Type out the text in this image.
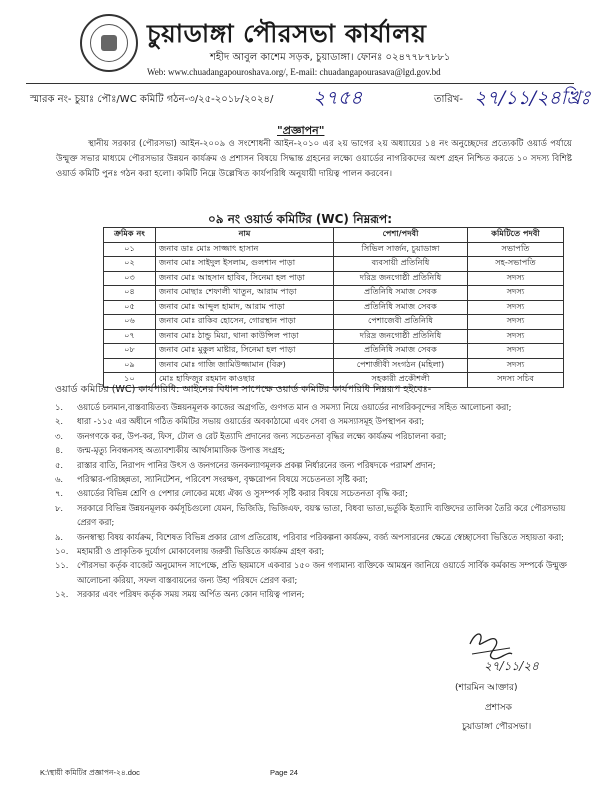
চুয়াডাঙ্গা পৌরসভা কার্যালয়
শহীদ আবুল কাশেম সড়ক, চুয়াডাঙ্গা। ফোনঃ ০২৪৭৭৮৭৮৮১
Web: www.chuadangapouroshava.org/, E-mail: chuadangapourasava@lgd.gov.bd
স্মারক নং- চুয়াঃ পৌঃ/WC কমিটি গঠন-৩/২৫-২০১৮/২০২৪/ ২৭৫৪	তারিখ- ২৭/১১/২৪খ্রিঃ
"প্রজ্ঞাপন"
স্থানীয় সরকার (পৌরসভা) আইন-২০০৯ ও সংশোধনী আইন-২০১০ এর ২য় ভাগের ২য় অধ্যায়ের ১৪ নং অনুচ্ছেদের প্রত্যেকটি ওয়ার্ড পর্যায়ে উন্মুক্ত সভার মাধ্যমে পৌরসভার উন্নয়ন কার্যক্রম ও প্রশাসন বিষয়ে সিদ্ধান্ত গ্রহনের লক্ষ্যে ওয়ার্ডের নাগরিকদের অংশ গ্রহন নিশ্চিত করতে ১০ সদস্য বিশিষ্ট ওয়ার্ড কমিটি পুনঃ গঠন করা হলো। কমিটি নিম্নে উল্লেখিত কার্যপরিধি অনুযায়ী দায়িত্ব পালন করবেন।
০৯ নং ওয়ার্ড কমিটির (WC) নিম্নরূপ:
ক্রমিক নং	নাম	পেশা/পদবী	কমিটিতে পদবী
০১	জনাব ডাঃ মোঃ সাজ্জাৎ হাসান	সিভিল সার্জন, চুয়াডাঙ্গা	সভাপতি
০২	জনাব মোঃ সাইদুল ইসলাম, গুলশান পাড়া	ব্যবসায়ী প্রতিনিধি	সহ-সভাপতি
০৩	জনাব মোঃ আহসান হাবিব, সিনেমা হল পাড়া	দরিদ্র জনগোষ্ঠী প্রতিনিধি	সদস্য
০৪	জনাব মোছাঃ শেফালী খাতুন, আরাম পাড়া	প্রতিনিধি সমাজ সেবক	সদস্য
০৫	জনাব মোঃ আব্দুল হামাদ, আরাম পাড়া	প্রতিনিধি সমাজ সেবক	সদস্য
০৬	জনাব মোঃ রাকিব হোসেন, গোরস্থান পাড়া	পেশাজেবী প্রতিনিধি	সদস্য
০৭	জনাব মোঃ ঠান্ডু মিয়া, থানা কাউন্সিল পাড়া	দরিদ্র জনগোষ্ঠী প্রতিনিধি	সদস্য
০৮	জনাব মোঃ মুকুল মাষ্টার, সিনেমা হল পাড়া	প্রতিনিধি সমাজ সেবক	সদস্য
০৯	জনাব মোঃ গাজি জামিউজ্জামান (বিরু)	পেশাজীবী সংগঠন (মহিলা)	সদস্য
১০	মোঃ হাফিজুর রহমান কাওছার	সহকারী প্রকৌশলী	সদস্য সচিব
ওয়ার্ড কমিটির (WC) কার্যপরিধি: আইনের বিধান সাপেক্ষে ওয়ার্ড কমিটির কার্যপরিধি নিম্নরূপ হইবেঃ-
১. ওয়ার্ডে চলমান,বাস্তবায়িতব্য উন্নয়নমূলক কাজের অগ্রগতি, গুণগত মান ও সমস্যা নিয়ে ওয়ার্ডের নাগরিকবৃন্দের সহিত আলোচনা করা;
২. ধারা -১১৫ এর অধীনে গঠিত কমিটির সভায় ওয়ার্ডের অবকাঠামো এবং সেবা ও সমস্যাসমূহ উপস্থাপন করা;
৩. জনগণকে কর, উপ-কর, ফিস, টোল ও রেট ইত্যাদি প্রদানের জন্য সচেতনতা বৃদ্ধির লক্ষ্যে কার্যক্রম পরিচালনা করা;
৪. জন্ম-মৃত্যু নিবন্ধনসহ অত্যাবশ্যকীয় আর্থসামাজিক উপাত্ত সংগ্রহ;
৫. রাস্তার বাতি, নিরাপদ পানির উৎস ও জনগনের জনকল্যাণমূলক প্রকল্প নির্ধারনের জন্য পরিষদকে পরামর্শ প্রদান;
৬. পরিস্কার-পরিচ্ছন্নতা, স্যানিটেশন, পরিবেশ সংরক্ষণ, বৃক্ষরোপন বিষয়ে সচেতনতা সৃষ্টি করা;
৭. ওয়ার্ডের বিভিন্ন শ্রেণি ও পেশার লোকের মধ্যে ঐক্য ও সুসম্পর্ক সৃষ্টি করার বিষয়ে সচেতনতা বৃদ্ধি করা;
৮. সরকারে বিভিন্ন উন্নয়নমূলক কর্মসূচিগুলো যেমন, ভিজিডি, ভিজিএফ, বয়স্ক ভাতা, বিধবা ভাতা,ভর্তুকি ইত্যাদি ব্যক্তিদের তালিকা তৈরি করে পৌরসভায় প্রেরণ করা;
৯. জনস্বাস্থ্য বিষয় কার্যক্রম, বিশেষত বিভিন্ন প্রকার রোগ প্রতিরোধ, পরিবার পরিকল্পনা কার্যক্রম, বর্জ্য অপসারনের ক্ষেত্রে স্বেচ্ছাসেবা ভিত্তিতে সহায়তা করা;
১০. মহামারী ও প্রাকৃতিক দুর্যোগ মোকাবেলায় জরুরী ভিত্তিতে কার্যক্রম গ্রহণ করা;
১১. পৌরসভা কর্তৃক বাজেট অনুমোদন সাপেক্ষে, প্রতি ছয়মাসে একবার ১৫০ জন গণ্যমান্য ব্যক্তিকে আমন্ত্রন জানিয়ে ওয়ার্ডে সার্বিক কর্মকান্ড সম্পর্কে উন্মুক্ত আলোচনা করিয়া, সফল বাস্তবায়নের জন্য উহা পরিষদে প্রেরণ করা;
১২. সরকার এবং পরিষদ কর্তৃক সময় সময় অর্পিত অন্য কোন দায়িত্ব পালন;
২৭/১১/২৪
(শারমিন আক্তার)
প্রশাসক
চুয়াডাঙ্গা পৌরসভা।
K:\স্থায়ী কমিটির প্রজ্ঞাপন-২৪.doc	Page 24
